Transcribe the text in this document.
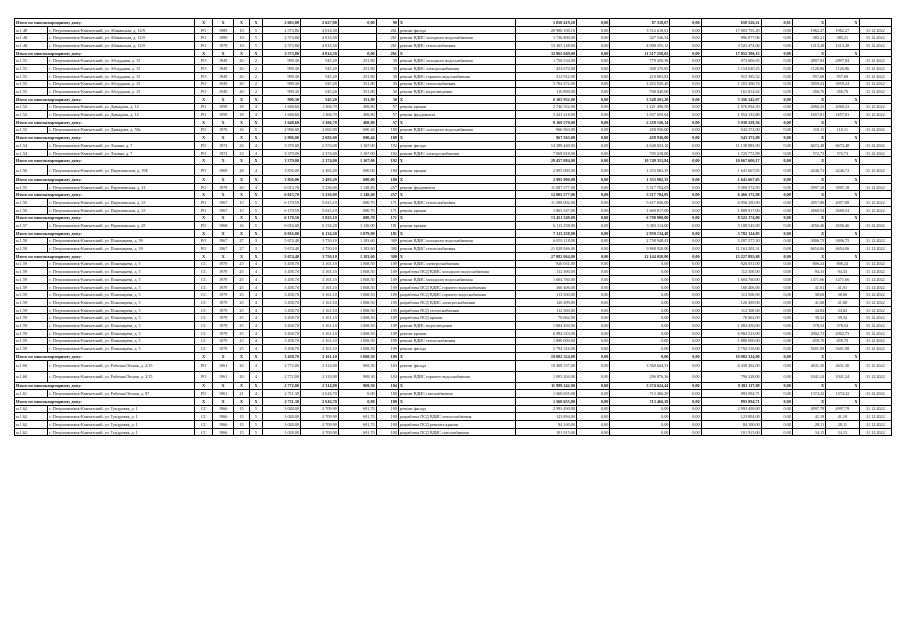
Итого по многоквартирному дому:		X	X	X	X	2 663,00	2 627,00	0,00	90	X	1 050 419,20	0,00	87 318,07	0,00	650 526,21	0,81	X	X	
м.1.48	г. Петропавловск-Камчатский, ул. Абаканская, д. 12/9	РО	1989	10	5	2 573,80	4 814,50		261	ремонт фасада	20 986 100,10	0,00	3 512 618,61	0,00	17 003 755,49	0,00	1962,27	1962,27	31.12.2022
м.1.48	г. Петропавловск-Камчатский, ул. Абаканская, д. 12/9	РО	1989	10	5	2 573,80	4 814,50		261	ремонт ВДИС холодного водоснабжения	1 736 800,00	0,00	327 546,34	0,00	896 077,06	0,00	385,21	385,21	31.12.2022
м.1.48	г. Петропавловск-Камчатский, ул. Абаканская, д. 12/9	РО	1979	10	5	2 573,80	4 814,50		261	ремонт ВДИС теплоснабжения	15 305 148,00	0,00	4 098 355,15	0,00	3 523 474,06	0,00	1213,28	1213,28	31.12.2022
Итого по многоквартирному дому:		X	X	X	X	2 573,80	4 814,50	0,00	261	X	32 965 049,00	0,00	11 517 250,02	0,00	17 052 396,15	0,00	X	X	
м.1.55	г. Петропавловск-Камчатский, ул. Абсурдная, д. 15	РО	1949	20	2	990,30	545,20	351,80	30	ремонт ВДИС холодного водоснабжения	1 756 534,00	0,00	779 459,36	0,00	973 606,65	0,00	2897,84	2897,84	31.12.2022
м.1.55	г. Петропавловск-Камчатский, ул. Абсурдная, д. 15	РО	1949	20	2	990,30	545,20	351,80	30	ремонт ВДИС электроснабжения	434 670,00	0,00	308 370,85	0,00	1 154 640,25	0,00	1126,86	1126,86	31.12.2022
м.1.55	г. Петропавловск-Камчатский, ул. Абсурдная, д. 15	РО	1949	20	2	990,30	545,20	351,80	30	ремонт ВДИС горячего водоснабжения	312 912,00	0,00	210 003,83	0,00	915 385,52	0,00	957,68	957,68	31.12.2022
м.1.55	г. Петропавловск-Камчатский, ул. Абсурдная, д. 15	РО	1949	20	2	990,30	545,20	351,80	30	ремонт ВДИС теплоснабжения	3 704 472,00	0,00	1 452 920,40	0,00	1 355 306,74	0,00	3059,24	3059,24	31.12.2022
м.1.55	г. Петропавловск-Камчатский, ул. Абсурдная, д. 15	РО	1949	20	2	990,30	545,20	351,80	30	ремонт ВДИС водоотведения	116 890,00	0,00	708 040,00	0,00	161 814,62	0,00	456,70	456,70	31.12.2022
Итого по многоквартирному дому:		X	X	X	X	990,30	545,20	351,80	30	X	6 105 932,00	0,00	3 348 261,20	0,00	3 356 342,67	0,00	X	X	
м.1.52	г. Петропавловск-Камчатский, ул. Давыдова, д. 12	РО	1958	18	4	1 648,60	1 306,70	408,80	57	ремонт крыши	2 746 352,00	0,00	1 221 496,50	0,00	1 076 094,50	0,00	2060,23	2060,23	31.12.2022
м.1.52	г. Петропавловск-Камчатский, ул. Давыдова, д. 12	РО	1958	18	4	1 648,60	1 306,70	408,80	57	ремонт фундамента	5 423 218,00	0,00	1 037 659,64	0,00	1 954 133,86	0,00	1657,81	1657,81	31.12.2022
Итого по многоквартирному дому:		X	X	X	X	1 648,60	1 306,70	408,80	57	X	8 169 570,00	0,00	2 259 156,14	0,00	3 030 228,36	0,00	X	X	
м.1.53	г. Петропавловск-Камчатский, ул. Давыдова, д. 50а	РО	1970	16	5	2 996,00	2 692,00	690,44	180	ремонт ВДИС холодного водоснабжения	966 563,00	0,00	458 936,00	0,00	543 372,00	0,00	110,11	110,11	31.12.2022
Итого по многоквартирному дому:		X	X	X	X	2 996,00	2 692,00	690,44	180	X	967 563,00	0,00	458 936,00	0,00	543 372,00	0,00	X	X	
м.1.54	г. Петропавловск-Камчатский, ул. Ленина, д. 7	РО	1972	23	4	3 379,00	2 374,00	1 167,00	192	ремонт фасада	14 388 440,00	0,00	4 648 633,10	0,00	11 138 883,00	0,00	6672,48	6672,48	31.12.2022
м.1.54	г. Петропавловск-Камчатский, ул. Ленина, д. 7	РО	1972	23	4	3 379,00	2 374,00	1 167,00	192	ремонт ВДИС электроснабжения	7 068 818,00	0,00	705 218,00	0,00	1 725 772,99	0,00	572,73	572,73	31.12.2022
Итого по многоквартирному дому:		X	X	X	X	3 379,00	2 374,00	1 167,00	192	X	29 457 084,00	0,00	10 749 353,84	0,00	10 667 600,17	0,00	X	X	
м.1.56	г. Петропавловск-Камчатский, ул. Партизанская, д. 19Б	РО	1969	28	4	3 856,00	2 493,20	680,00	180	ремонт крыши	2 995 000,00	0,00	1 353 082,35	0,00	1 641 667,65	0,00	4246,72	4246,72	31.12.2022
Итого по многоквартирному дому:		X	X	X	X	3 856,00	2 493,20	680,00	180	X	2 995 000,00	0,00	1 353 082,35	0,00	1 641 667,65	0,00	X	X	
м.1.55	г. Петропавловск-Камчатский, ул. Партизанская, д. 21	РО	1978	20	4	6 013,70	5 236,00	1 148,40	257	ремонт фундамента	11 087 577,00	0,00	5 517 704,05	0,00	5 569 572,95	0,00	3997,18	3997,18	31.12.2022
Итого по многоквартирному дому:		X	X	X	X	6 013,70	5 236,00	1 148,40	257	X	12 005 577,00	0,00	5 517 704,05	0,00	6 466 172,08	0,00	X	X	
м.1.56	г. Петропавловск-Камчатский, ул. Партизанская, д. 23	РО	1967	15	5	6 170,50	5 025,10	680,70	171	ремонт ВДИС теплоснабжения	11 588 002,00	0,00	5 617 846,00	0,00	6 950 250,00	0,00	2057,88	2057,88	31.12.2022
м.1.56	г. Петропавловск-Камчатский, ул. Партизанская, д. 23	РО	1967	15	5	6 170,50	5 025,10	680,70	171	ремонт крыши	1 863 547,00	0,00	1 660 817,00	0,00	1 808 917,00	0,00	2660,54	2660,54	31.12.2022
Итого по многоквартирному дому:		X	X	X	X	6 170,50	5 025,10	680,70	171	X	13 451 549,00	0,00	6 790 900,00	0,00	8 522 174,00	0,00	X	X	
м.1.57	г. Петропавловск-Камчатский, ул. Партизанская, д. 25	РО	1968	16	5	6 016,00	6 134,20	1 136,90	181	ремонт крыши	6 113 258,00	0,00	3 303 114,00	0,00	5 188 545,00	0,00	4556,46	4556,46	31.12.2022
Итого по многоквартирному дому:		X	X	X	X	6 016,00	6 134,20	1 079,90	181	X	7 113 258,00	0,00	2 959 134,48	0,00	3 782 124,05	0,00	X	X	
м.1.58	г. Петропавловск-Камчатский, ул. Пономарева, д. 39	РО	1967	27	3	5 674,40	3 750,10	1 183,60	300	ремонт ВДИС холодного водоснабжения	6 053 118,00	0,00	2 758 948,43	0,00	3 297 577,30	0,00	3006,75	3006,75	31.12.2022
м.1.58	г. Петропавловск-Камчатский, ул. Пономарева, д. 39	РО	1967	27	3	5 674,40	3 750,10	1 183,60	300	ремонт ВДИС теплоснабжения	21 028 946,00	0,00	9 868 920,00	0,00	11 163 203,31	0,00	6654,06	6654,06	31.12.2022
Итого по многоквартирному дому:		X	X	X	X	5 674,40	3 750,10	1 183,60	300	X	27 082 064,00	0,00	12 144 020,00	0,00	15 227 895,68	0,00	X	X	
м.1.59	г. Петропавловск-Камчатский, ул. Пономарева, д. 5	СС	1979	25	4	3 458,70	3 161,10	1 068,50	109	ремонт ВДИС электроснабжения	926 031,00	0,00	0,00	0,00	926 031,00	0,00	806,24	806,24	31.12.2022
м.1.59	г. Петропавловск-Камчатский, ул. Пономарева, д. 5	СС	1979	25	4	3 458,70	3 161,10	1 068,50	109	разработка ПСД ВДИС холодного водоснабжения	112 300,00	0,00	0,00	0,00	112 300,00	0,00	94,33	94,33	31.12.2022
м.1.59	г. Петропавловск-Камчатский, ул. Пономарева, д. 5	СС	1979	25	4	3 458,70	3 161,10	1 068,50	109	ремонт ВДИС холодного водоснабжения	1 604 760,00	0,00	0,00	0,00	1 604 760,00	0,00	1471,66	1471,66	31.12.2022
м.1.59	г. Петропавловск-Камчатский, ул. Пономарева, д. 5	СС	1979	25	4	3 458,70	3 161,10	1 068,50	109	разработка ПСД ВДИС горячего водоснабжения	160 406,00	0,00	0,00	0,00	160 406,00	0,00	41,01	41,01	31.12.2022
м.1.59	г. Петропавловск-Камчатский, ул. Пономарева, д. 5	СС	1979	25	4	3 458,70	3 161,10	1 068,50	109	разработка ПСД ВДИС горячего водоснабжения	113 500,00	0,00	0,00	0,00	113 500,00	0,00	38,68	38,68	31.12.2022
м.1.59	г. Петропавловск-Камчатский, ул. Пономарева, д. 5	СС	1979	25	4	3 458,70	3 161,10	1 068,50	109	разработка ПСД ВДИС электроснабжения	120 499,00	0,00	0,00	0,00	120 499,00	0,00	41,68	41,68	31.12.2022
м.1.59	г. Петропавловск-Камчатский, ул. Пономарева, д. 5	СС	1979	25	4	3 458,70	3 161,10	1 068,50	109	разработка ПСД теплоснабжения	112 300,00	0,00	0,00	0,00	112 300,00	0,00	34,84	34,84	31.12.2022
м.1.59	г. Петропавловск-Камчатский, ул. Пономарева, д. 5	СС	1979	25	4	3 458,70	3 161,10	1 068,50	109	разработка ПСД крыши	76 662,00	0,00	0,00	0,00	76 662,00	0,00	39,32	39,32	31.12.2022
м.1.59	г. Петропавловск-Камчатский, ул. Пономарева, д. 5	СС	1979	25	4	3 458,70	3 161,10	1 068,50	109	ремонт ВДИС водоотведения	1 084 450,00	0,00	0,00	0,00	1 084 450,00	0,00	378,54	378,54	31.12.2022
м.1.59	г. Петропавловск-Камчатский, ул. Пономарева, д. 5	СС	1979	25	4	3 458,70	3 161,10	1 068,50	109	ремонт крыши	6 984 523,00	0,00	0,00	0,00	6 984 523,00	0,00	2902,73	2902,73	31.12.2022
м.1.59	г. Петропавловск-Камчатский, ул. Пономарева, д. 5	СС	1979	25	4	3 458,70	3 161,10	1 068,50	109	ремонт ВДИС теплоснабжения	1 880 000,00	0,00	0,00	0,00	1 880 000,00	0,00	659,70	659,70	31.12.2022
м.1.59	г. Петропавловск-Камчатский, ул. Пономарева, д. 5	СС	1979	25	4	3 458,70	3 161,10	1 068,50	109	ремонт фасада	5 794 316,00	0,00	0,00	0,00	5 794 316,00	0,00	5601,98	5601,98	31.12.2022
Итого по многоквартирному дому:		X	X	X	X	3 458,70	3 161,10	1 068,50	109	X	19 082 324,00	0,00	0,00	0,00	19 082 324,00	0,00	X	X	
м.1.60	г. Петропавловск-Камчатский, ул. Рабочая/Лесная, д. 2/15	РО	1961	20	4	2 772,00	2 314,90	969,30	104	ремонт фасада	10 408 137,00	0,00	3 560 644,33	0,00	6 438 492,00	0,00	4631,30	4631,30	31.12.2022
м.1.60	г. Петропавловск-Камчатский, ул. Рабочая/Лесная, д. 2/15	РО	1961	20	4	2 772,00	2 314,90	969,30	104	ремонт ВДИС горячего водоснабжения	1 093 204,00	0,00	296 876,36	0,00	796 328,00	0,00	1041,24	1041,24	31.12.2022
Итого по многоквартирному дому:		X	X	X	X	2 772,00	2 314,90	969,30	104	X	11 999 342,00	0,00	3 574 624,44	0,00	9 382 117,08	0,00	X	X	
м.1.61	г. Петропавловск-Камчатский, ул. Рабочая/Лесная, д. 97	РО	1961	21	4	2 711,30	2 616,70	0,00	180	ремонт ВДИС газоснабжения	1 560 655,00	0,00	713 466,29	0,00	893 094,71	0,00	1374,32	1374,32	31.12.2022
Итого по многоквартирному дому:		X	X	X	X	2 711,30	2 616,70	0,00	180	X	1 560 655,00	0,00	713 466,29	0,00	893 094,71	0,00	X	X	
м.1.62	г. Петропавловск-Камчатский, ул. Тундровая, д. 1	СС	1966	15	5	3 028,00	2 709,90	691,70	100	ремонт фасада	2 993 490,00	0,00	0,00	0,00	2 993 490,00	0,00	4997,78	4997,78	31.12.2022
м.1.62	г. Петропавловск-Камчатский, ул. Тундровая, д. 1	СС	1966	15	5	3 028,00	2 709,90	691,70	100	разработка ПСД ВДИС теплоснабжения	123 894,00	0,00	0,00	0,00	123 894,00	0,00	41,18	41,18	31.12.2022
м.1.62	г. Петропавловск-Камчатский, ул. Тундровая, д. 1	СС	1966	15	5	3 028,00	2 709,90	691,70	100	разработка ПСД ремонта крыши	84 100,00	0,00	0,00	0,00	84 100,00	0,00	28,11	28,11	31.12.2022
м.1.62	г. Петропавловск-Камчатский, ул. Тундровая, д. 1	СС	1966	15	5	3 028,00	2 709,90	691,70	100	разработка ПСД ВДИС газоснабжения	101 915,00	0,00	0,00	0,00	101 915,00	0,00	34,15	34,15	31.12.2022
